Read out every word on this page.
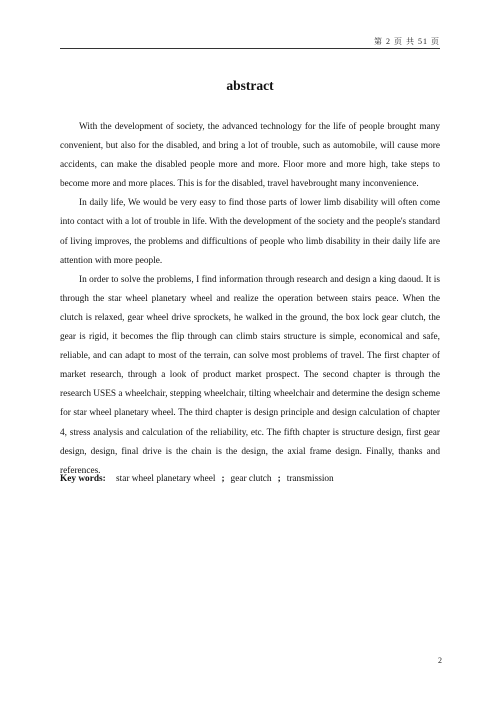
第 2 页 共 51 页
abstract

With the development of society, the advanced technology for the life of people brought many convenient, but also for the disabled, and bring a lot of trouble, such as automobile, will cause more accidents, can make the disabled people more and more. Floor more and more high, take steps to become more and more places. This is for the disabled, travel havebrought many inconvenience.

In daily life, We would be very easy to find those parts of lower limb disability will often come into contact with a lot of trouble in life. With the development of the society and the people's standard of living improves, the problems and difficultions of people who limb disability in their daily life are attention with more people.

In order to solve the problems, I find information through research and design a king daoud. It is through the star wheel planetary wheel and realize the operation between stairs peace. When the clutch is relaxed, gear wheel drive sprockets, he walked in the ground, the box lock gear clutch, the gear is rigid, it becomes the flip through can climb stairs structure is simple, economical and safe, reliable, and can adapt to most of the terrain, can solve most problems of travel. The first chapter of market research, through a look of product market prospect. The second chapter is through the research USES a wheelchair, stepping wheelchair, tilting wheelchair and determine the design scheme for star wheel planetary wheel. The third chapter is design principle and design calculation of chapter 4, stress analysis and calculation of the reliability, etc. The fifth chapter is structure design, first gear design, design, final drive is the chain is the design, the axial frame design. Finally, thanks and references.

Key words: star wheel planetary wheel ; gear clutch ; transmission
2
